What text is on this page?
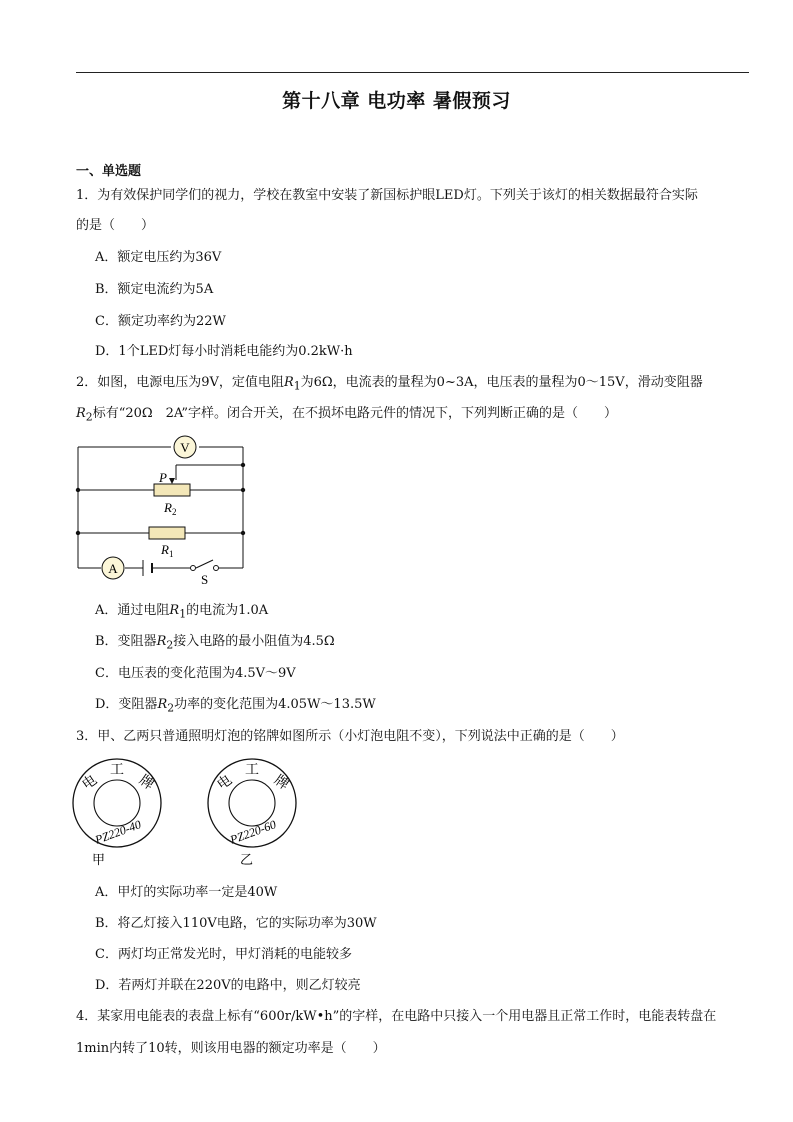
第十八章 电功率 暑假预习
一、单选题
1．为有效保护同学们的视力，学校在教室中安装了新国标护眼LED灯。下列关于该灯的相关数据最符合实际
的是（　　）
A．额定电压约为36V
B．额定电流约为5A
C．额定功率约为22W
D．1个LED灯每小时消耗电能约为0.2kW·h
2．如图，电源电压为9V，定值电阻$R_1$为6Ω，电流表的量程为0~3A，电压表的量程为0～15V，滑动变阻器
$R_2$标有“20Ω　2A”字样。闭合开关，在不损坏电路元件的情况下，下列判断正确的是（　　）
V
P
$R_2$
$R_1$
A
S
A．通过电阻$R_1$的电流为1.0A
B．变阻器$R_2$接入电路的最小阻值为4.5Ω
C．电压表的变化范围为4.5V～9V
D．变阻器$R_2$功率的变化范围为4.05W～13.5W
3．甲、乙两只普通照明灯泡的铭牌如图所示（小灯泡电阻不变），下列说法中正确的是（　　）
电
工
牌
PZ220-40
甲
电
工
牌
PZ220-60
乙
A．甲灯的实际功率一定是40W
B．将乙灯接入110V电路，它的实际功率为30W
C．两灯均正常发光时，甲灯消耗的电能较多
D．若两灯并联在220V的电路中，则乙灯较亮
4．某家用电能表的表盘上标有“600r/kW•h”的字样，在电路中只接入一个用电器且正常工作时，电能表转盘在
1min内转了10转，则该用电器的额定功率是（　　）
